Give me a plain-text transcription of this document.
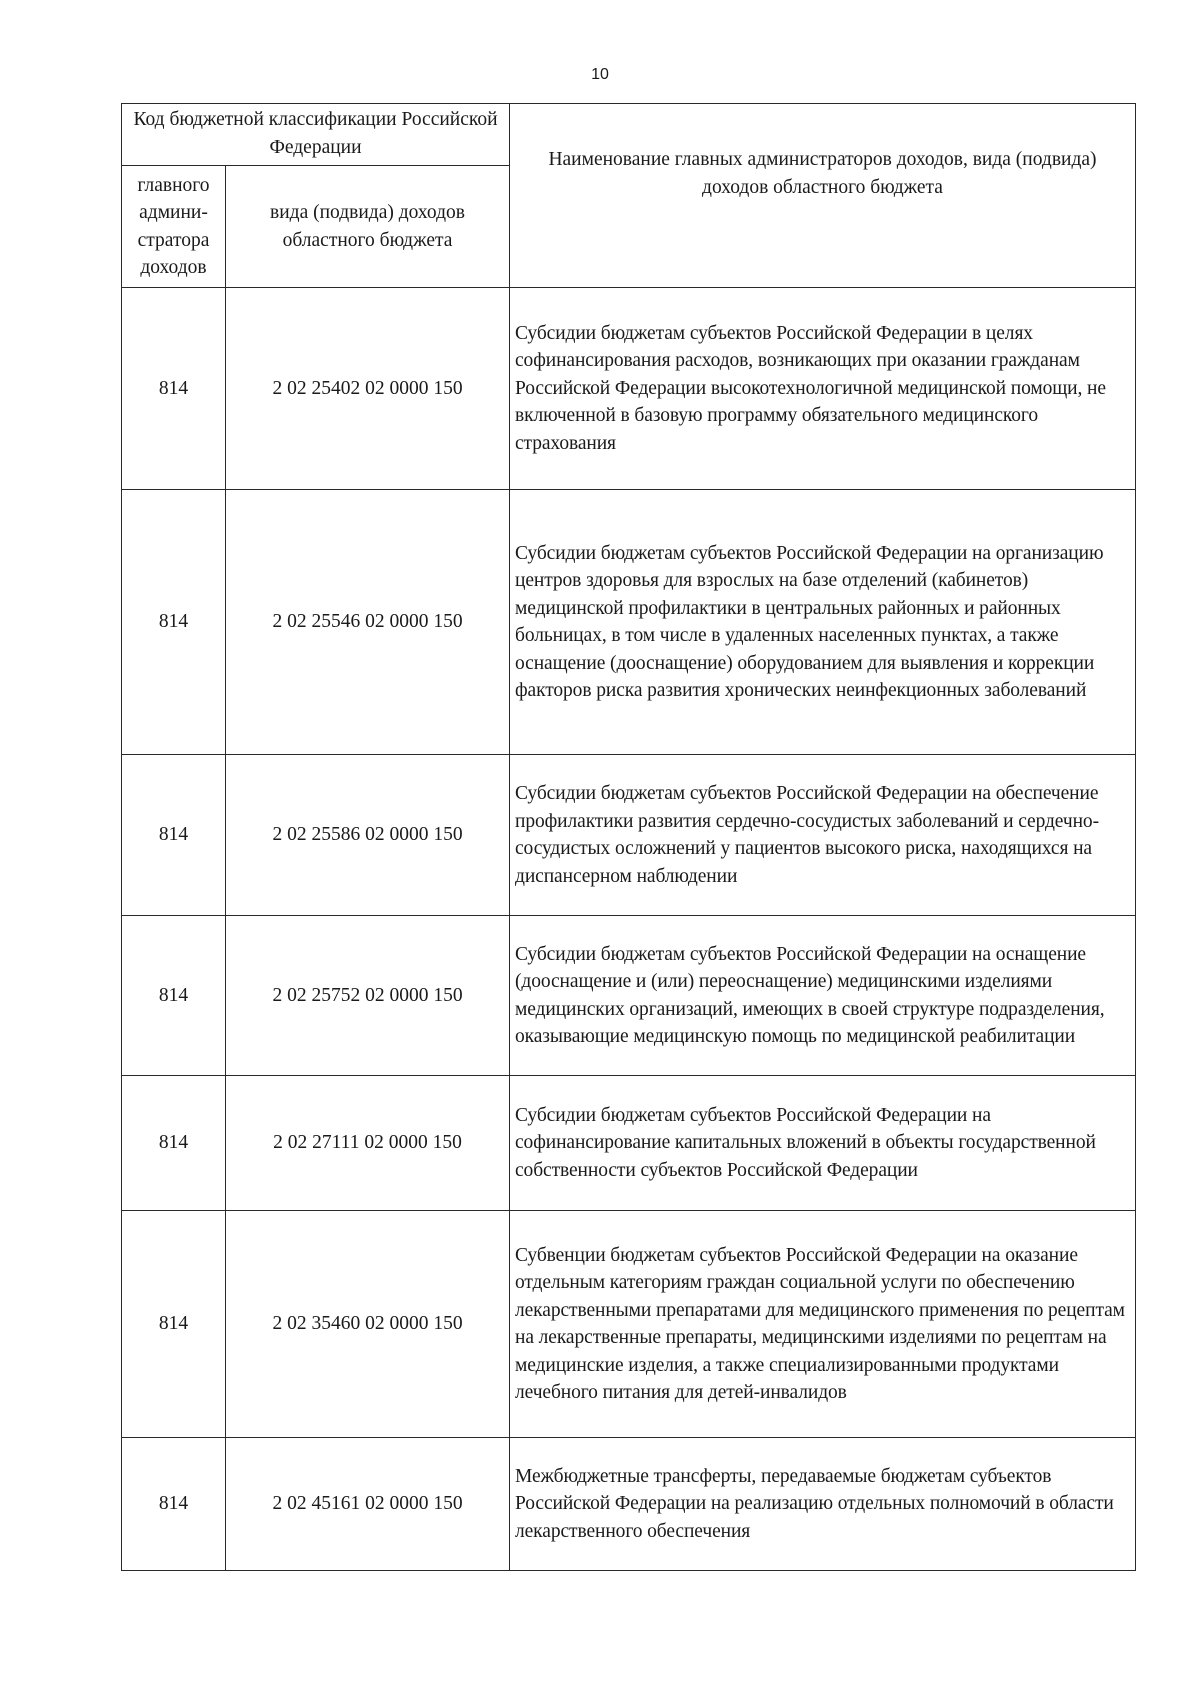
10
Код бюджетной классификации Российской Федерации		Наименование главных администраторов доходов, вида (подвида) доходов областного бюджета
главного админи-стратора доходов	вида (подвида) доходов областного бюджета	
814	2 02 25402 02 0000 150	Субсидии бюджетам субъектов Российской Федерации в целях софинансирования расходов, возникающих при оказании гражданам Российской Федерации высокотехнологичной медицинской помощи, не включенной в базовую программу обязательного медицинского страхования
814	2 02 25546 02 0000 150	Субсидии бюджетам субъектов Российской Федерации на организацию центров здоровья для взрослых на базе отделений (кабинетов) медицинской профилактики в центральных районных и районных больницах, в том числе в удаленных населенных пунктах, а также оснащение (дооснащение) оборудованием для выявления и коррекции факторов риска развития хронических неинфекционных заболеваний
814	2 02 25586 02 0000 150	Субсидии бюджетам субъектов Российской Федерации на обеспечение профилактики развития сердечно-сосудистых заболеваний и сердечно-сосудистых осложнений у пациентов высокого риска, находящихся на диспансерном наблюдении
814	2 02 25752 02 0000 150	Субсидии бюджетам субъектов Российской Федерации на оснащение (дооснащение и (или) переоснащение) медицинскими изделиями медицинских организаций, имеющих в своей структуре подразделения, оказывающие медицинскую помощь по медицинской реабилитации
814	2 02 27111 02 0000 150	Субсидии бюджетам субъектов Российской Федерации на софинансирование капитальных вложений в объекты государственной собственности субъектов Российской Федерации
814	2 02 35460 02 0000 150	Субвенции бюджетам субъектов Российской Федерации на оказание отдельным категориям граждан социальной услуги по обеспечению лекарственными препаратами для медицинского применения по рецептам на лекарственные препараты, медицинскими изделиями по рецептам на медицинские изделия, а также специализированными продуктами лечебного питания для детей-инвалидов
814	2 02 45161 02 0000 150	Межбюджетные трансферты, передаваемые бюджетам субъектов Российской Федерации на реализацию отдельных полномочий в области лекарственного обеспечения
